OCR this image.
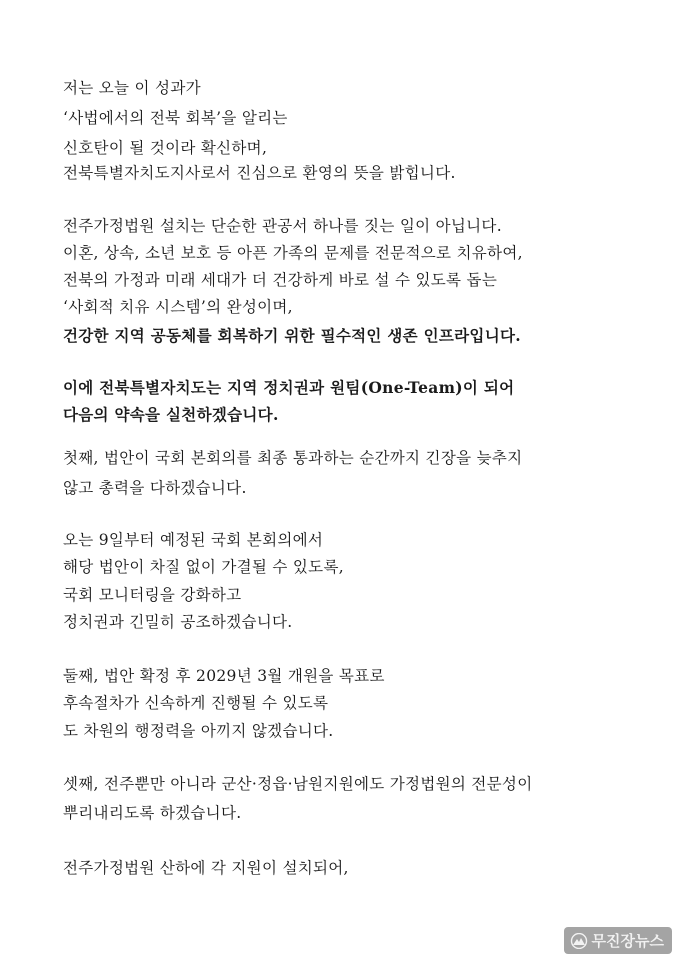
저는 오늘 이 성과가
‘사법에서의 전북 회복’을 알리는
신호탄이 될 것이라 확신하며,
전북특별자치도지사로서 진심으로 환영의 뜻을 밝힙니다.
전주가정법원 설치는 단순한 관공서 하나를 짓는 일이 아닙니다.
이혼, 상속, 소년 보호 등 아픈 가족의 문제를 전문적으로 치유하여,
전북의 가정과 미래 세대가 더 건강하게 바로 설 수 있도록 돕는
‘사회적 치유 시스템’의 완성이며,
건강한 지역 공동체를 회복하기 위한 필수적인 생존 인프라입니다.
이에 전북특별자치도는 지역 정치권과 원팀(One-Team)이 되어
다음의 약속을 실천하겠습니다.
첫째, 법안이 국회 본회의를 최종 통과하는 순간까지 긴장을 늦추지
않고 총력을 다하겠습니다.
오는 9일부터 예정된 국회 본회의에서
해당 법안이 차질 없이 가결될 수 있도록,
국회 모니터링을 강화하고
정치권과 긴밀히 공조하겠습니다.
둘째, 법안 확정 후 2029년 3월 개원을 목표로
후속절차가 신속하게 진행될 수 있도록
도 차원의 행정력을 아끼지 않겠습니다.
셋째, 전주뿐만 아니라 군산·정읍·남원지원에도 가정법원의 전문성이
뿌리내리도록 하겠습니다.
전주가정법원 산하에 각 지원이 설치되어,
무진장뉴스
